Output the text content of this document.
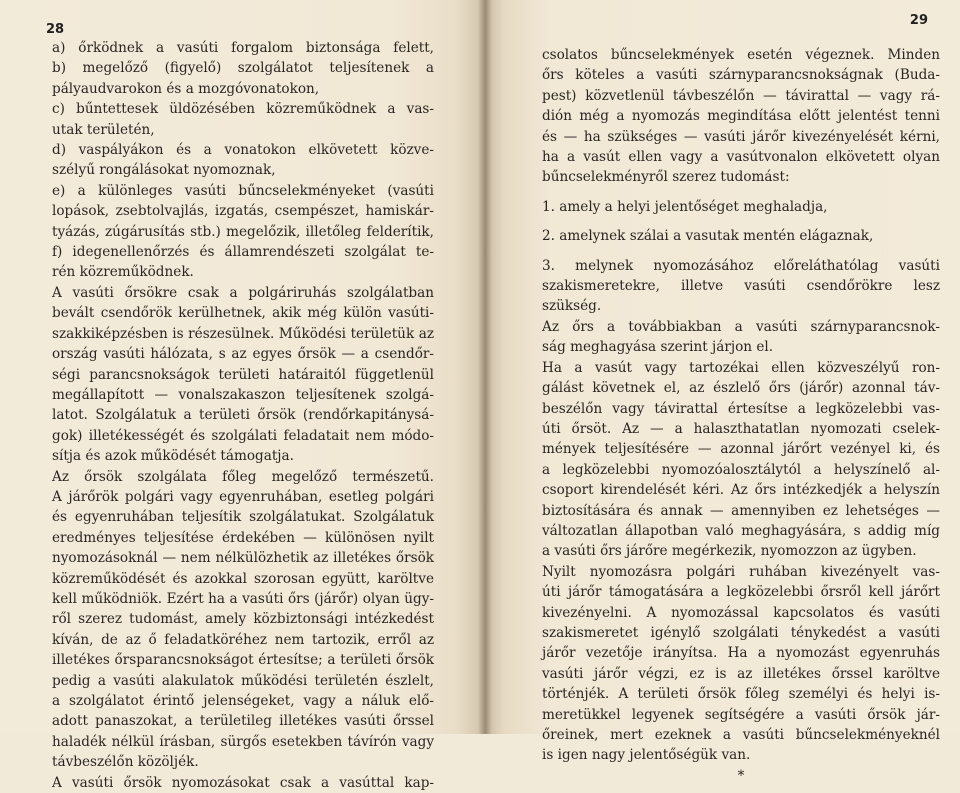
28
a) őrködnek a vasúti forgalom biztonsága felett,
b) megelőző (figyelő) szolgálatot teljesítenek a
pályaudvarokon és a mozgóvonatokon,
c) bűntettesek üldözésében közreműködnek a vas-
utak területén,
d) vaspályákon és a vonatokon elkövetett közve-
szélyű rongálásokat nyomoznak,
e) a különleges vasúti bűncselekményeket (vasúti
lopások, zsebtolvajlás, izgatás, csempészet, hamiskár-
tyázás, zúgárusítás stb.) megelőzik, illetőleg felderítik,
f) idegenellenőrzés és államrendészeti szolgálat te-
rén közreműködnek.
A vasúti őrsökre csak a polgáriruhás szolgálatban
bevált csendőrök kerülhetnek, akik még külön vasúti-
szakkiképzésben is részesülnek. Működési területük az
ország vasúti hálózata, s az egyes őrsök — a csendőr-
ségi parancsnokságok területi határaitól függetlenül
megállapított — vonalszakaszon teljesítenek szolgá-
latot. Szolgálatuk a területi őrsök (rendőrkapitánysá-
gok) illetékességét és szolgálati feladatait nem módo-
sítja és azok működését támogatja.
Az őrsök szolgálata főleg megelőző természetű.
A járőrök polgári vagy egyenruhában, esetleg polgári
és egyenruhában teljesítik szolgálatukat. Szolgálatuk
eredményes teljesítése érdekében — különösen nyilt
nyomozásoknál — nem nélkülözhetik az illetékes őrsök
közreműködését és azokkal szorosan együtt, karöltve
kell működniök. Ezért ha a vasúti őrs (járőr) olyan ügy-
ről szerez tudomást, amely közbiztonsági intézkedést
kíván, de az ő feladatköréhez nem tartozik, erről az
illetékes őrsparancsnokságot értesítse; a területi őrsök
pedig a vasúti alakulatok működési területén észlelt,
a szolgálatot érintő jelenségeket, vagy a náluk elő-
adott panaszokat, a területileg illetékes vasúti őrssel
haladék nélkül írásban, sürgős esetekben távírón vagy
távbeszélőn közöljék.
A vasúti őrsök nyomozásokat csak a vasúttal kap-
29
csolatos bűncselekmények esetén végeznek. Minden
őrs köteles a vasúti szárnyparancsnokságnak (Buda-
pest) közvetlenül távbeszélőn — távirattal — vagy rá-
dión még a nyomozás megindítása előtt jelentést tenni
és — ha szükséges — vasúti járőr kivezényelését kérni,
ha a vasút ellen vagy a vasútvonalon elkövetett olyan
bűncselekményről szerez tudomást:
1. amely a helyi jelentőséget meghaladja,
2. amelynek szálai a vasutak mentén elágaznak,
3. melynek nyomozásához előreláthatólag vasúti
szakismeretekre, illetve vasúti csendőrökre lesz
szükség.
Az őrs a továbbiakban a vasúti szárnyparancsnok-
ság meghagyása szerint járjon el.
Ha a vasút vagy tartozékai ellen közveszélyű ron-
gálást követnek el, az észlelő őrs (járőr) azonnal táv-
beszélőn vagy távirattal értesítse a legközelebbi vas-
úti őrsöt. Az — a halaszthatatlan nyomozati cselek-
mények teljesítésére — azonnal járőrt vezényel ki, és
a legközelebbi nyomozóalosztálytól a helyszínelő al-
csoport kirendelését kéri. Az őrs intézkedjék a helyszín
biztosítására és annak — amennyiben ez lehetséges —
változatlan állapotban való meghagyására, s addig míg
a vasúti őrs járőre megérkezik, nyomozzon az ügyben.
Nyilt nyomozásra polgári ruhában kivezényelt vas-
úti járőr támogatására a legközelebbi őrsről kell járőrt
kivezényelni. A nyomozással kapcsolatos és vasúti
szakismeretet igénylő szolgálati ténykedést a vasúti
járőr vezetője irányítsa. Ha a nyomozást egyenruhás
vasúti járőr végzi, ez is az illetékes őrssel karöltve
történjék. A területi őrsök főleg személyi és helyi is-
meretükkel legyenek segítségére a vasúti őrsök jár-
őreinek, mert ezeknek a vasúti bűncselekményeknél
is igen nagy jelentőségük van.
*
